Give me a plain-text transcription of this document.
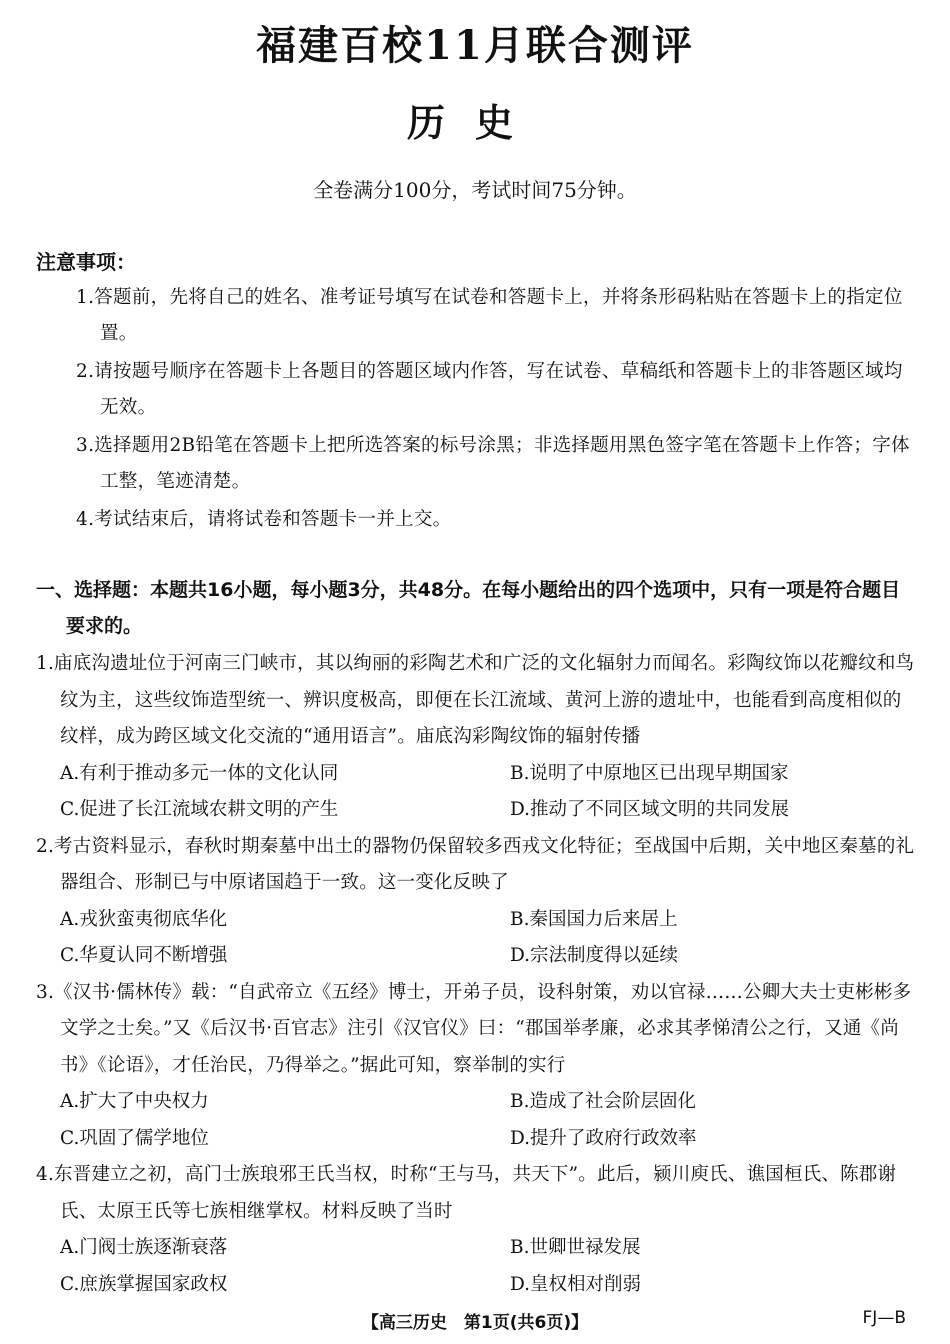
福建百校11月联合测评
历史
全卷满分100分，考试时间75分钟。
注意事项：

1.答题前，先将自己的姓名、准考证号填写在试卷和答题卡上，并将条形码粘贴在答题卡上的指定位置。

2.请按题号顺序在答题卡上各题目的答题区域内作答，写在试卷、草稿纸和答题卡上的非答题区域均无效。

3.选择题用2B铅笔在答题卡上把所选答案的标号涂黑；非选择题用黑色签字笔在答题卡上作答；字体工整，笔迹清楚。

4.考试结束后，请将试卷和答题卡一并上交。

一、选择题：本题共16小题，每小题3分，共48分。在每小题给出的四个选项中，只有一项是符合题目要求的。

1.庙底沟遗址位于河南三门峡市，其以绚丽的彩陶艺术和广泛的文化辐射力而闻名。彩陶纹饰以花瓣纹和鸟纹为主，这些纹饰造型统一、辨识度极高，即便在长江流域、黄河上游的遗址中，也能看到高度相似的纹样，成为跨区域文化交流的“通用语言”。庙底沟彩陶纹饰的辐射传播

A.有利于推动多元一体的文化认同	B.说明了中原地区已出现早期国家
C.促进了长江流域农耕文明的产生	D.推动了不同区域文明的共同发展

2.考古资料显示，春秋时期秦墓中出土的器物仍保留较多西戎文化特征；至战国中后期，关中地区秦墓的礼器组合、形制已与中原诸国趋于一致。这一变化反映了

A.戎狄蛮夷彻底华化	B.秦国国力后来居上
C.华夏认同不断增强	D.宗法制度得以延续

3.《汉书·儒林传》载：“自武帝立《五经》博士，开弟子员，设科射策，劝以官禄……公卿大夫士吏彬彬多文学之士矣。”又《后汉书·百官志》注引《汉官仪》曰：“郡国举孝廉，必求其孝悌清公之行，又通《尚书》《论语》，才任治民，乃得举之。”据此可知，察举制的实行

A.扩大了中央权力	B.造成了社会阶层固化
C.巩固了儒学地位	D.提升了政府行政效率

4.东晋建立之初，高门士族琅邪王氏当权，时称“王与马，共天下”。此后，颍川庾氏、谯国桓氏、陈郡谢氏、太原王氏等七族相继掌权。材料反映了当时

A.门阀士族逐渐衰落	B.世卿世禄发展
C.庶族掌握国家政权	D.皇权相对削弱
【高三历史　第1页(共6页)】	FJ—B
